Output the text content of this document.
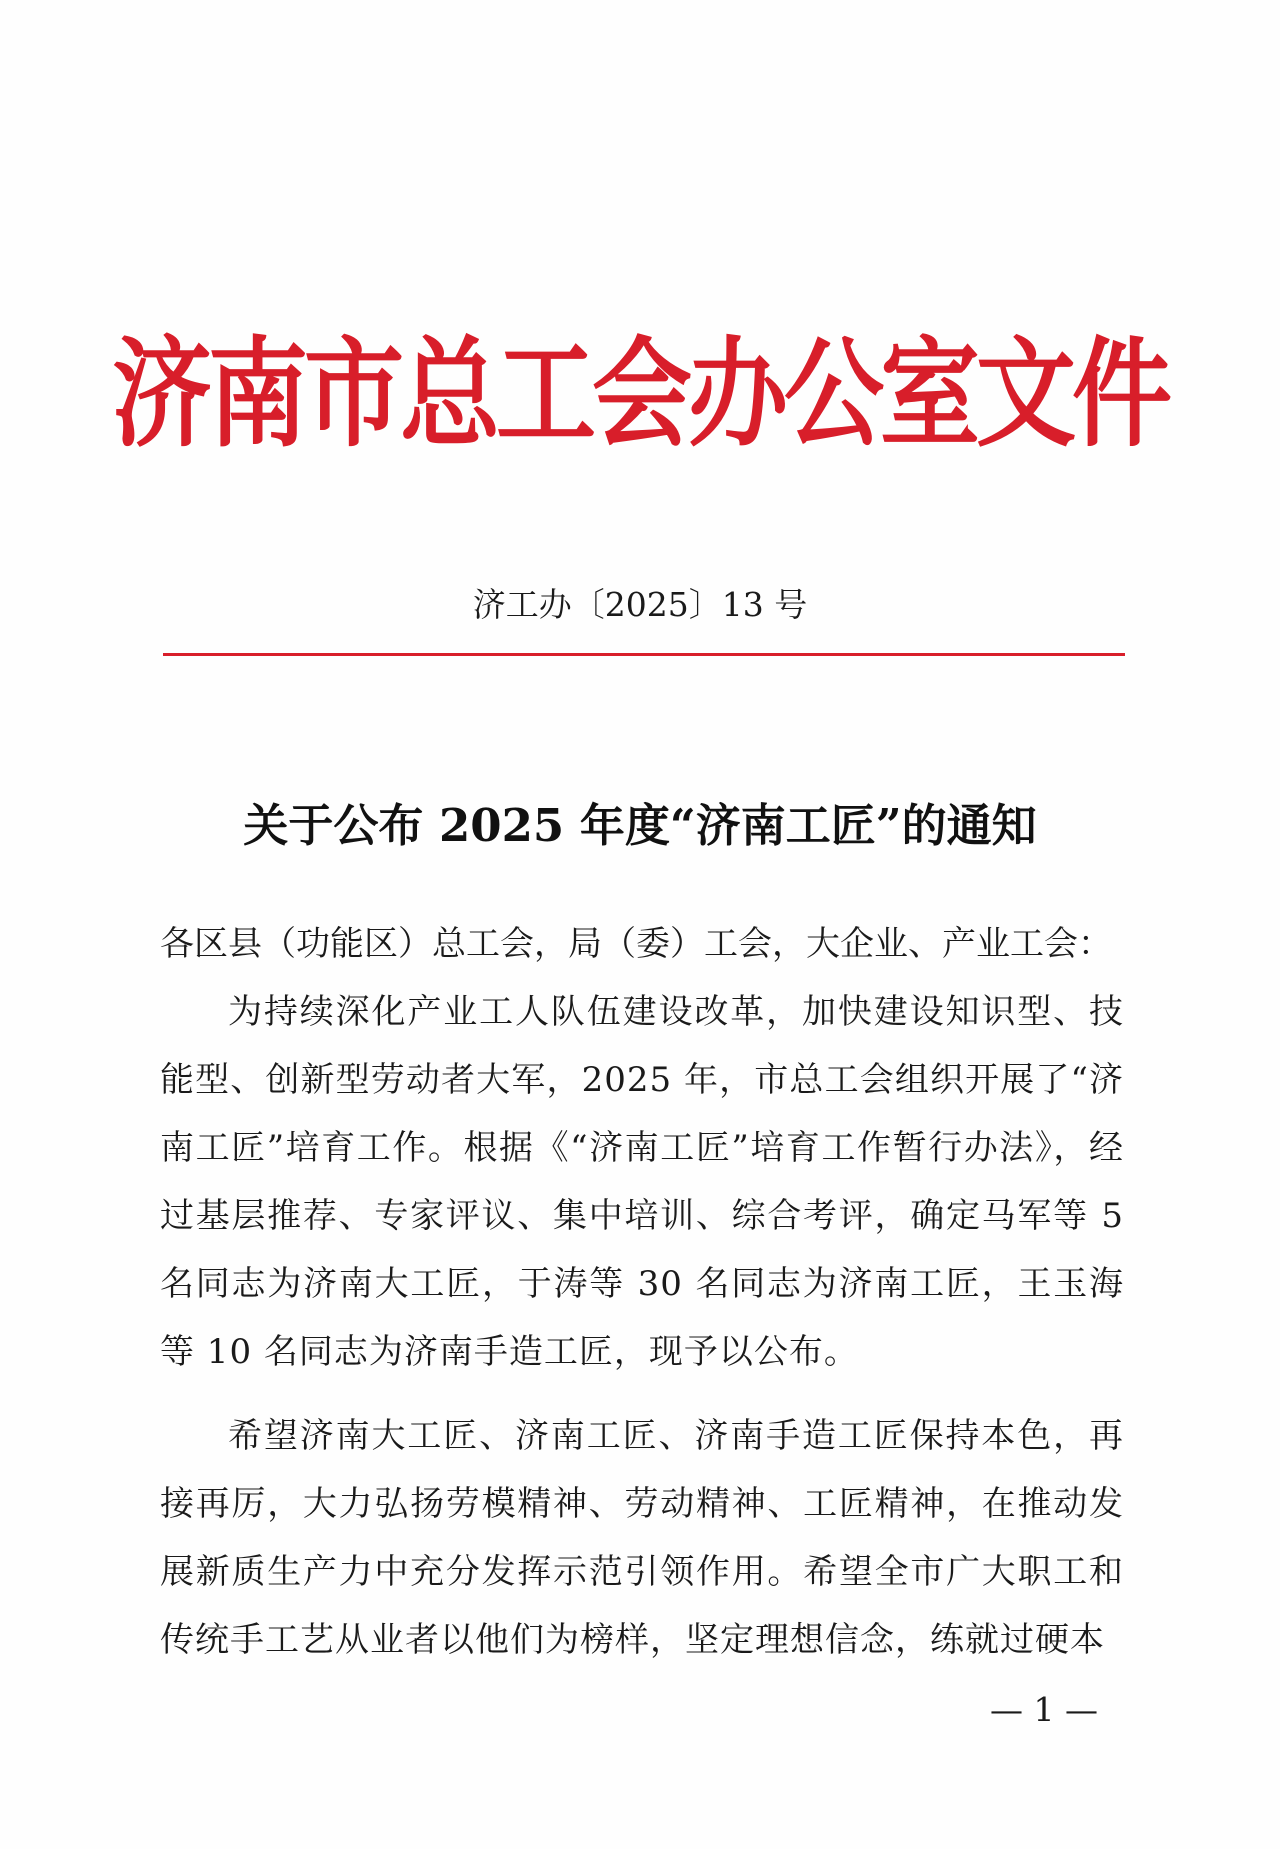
济南市总工会办公室文件
济工办〔2025〕13 号
关于公布 2025 年度“济南工匠”的通知

各区县（功能区）总工会，局（委）工会，大企业、产业工会：

为持续深化产业工人队伍建设改革，加快建设知识型、技能型、创新型劳动者大军，2025 年，市总工会组织开展了“济南工匠”培育工作。根据《“济南工匠”培育工作暂行办法》，经过基层推荐、专家评议、集中培训、综合考评，确定马军等 5 名同志为济南大工匠，于涛等 30 名同志为济南工匠，王玉海等 10 名同志为济南手造工匠，现予以公布。

希望济南大工匠、济南工匠、济南手造工匠保持本色，再接再厉，大力弘扬劳模精神、劳动精神、工匠精神，在推动发展新质生产力中充分发挥示范引领作用。希望全市广大职工和传统手工艺从业者以他们为榜样，坚定理想信念，练就过硬本

— 1 —
